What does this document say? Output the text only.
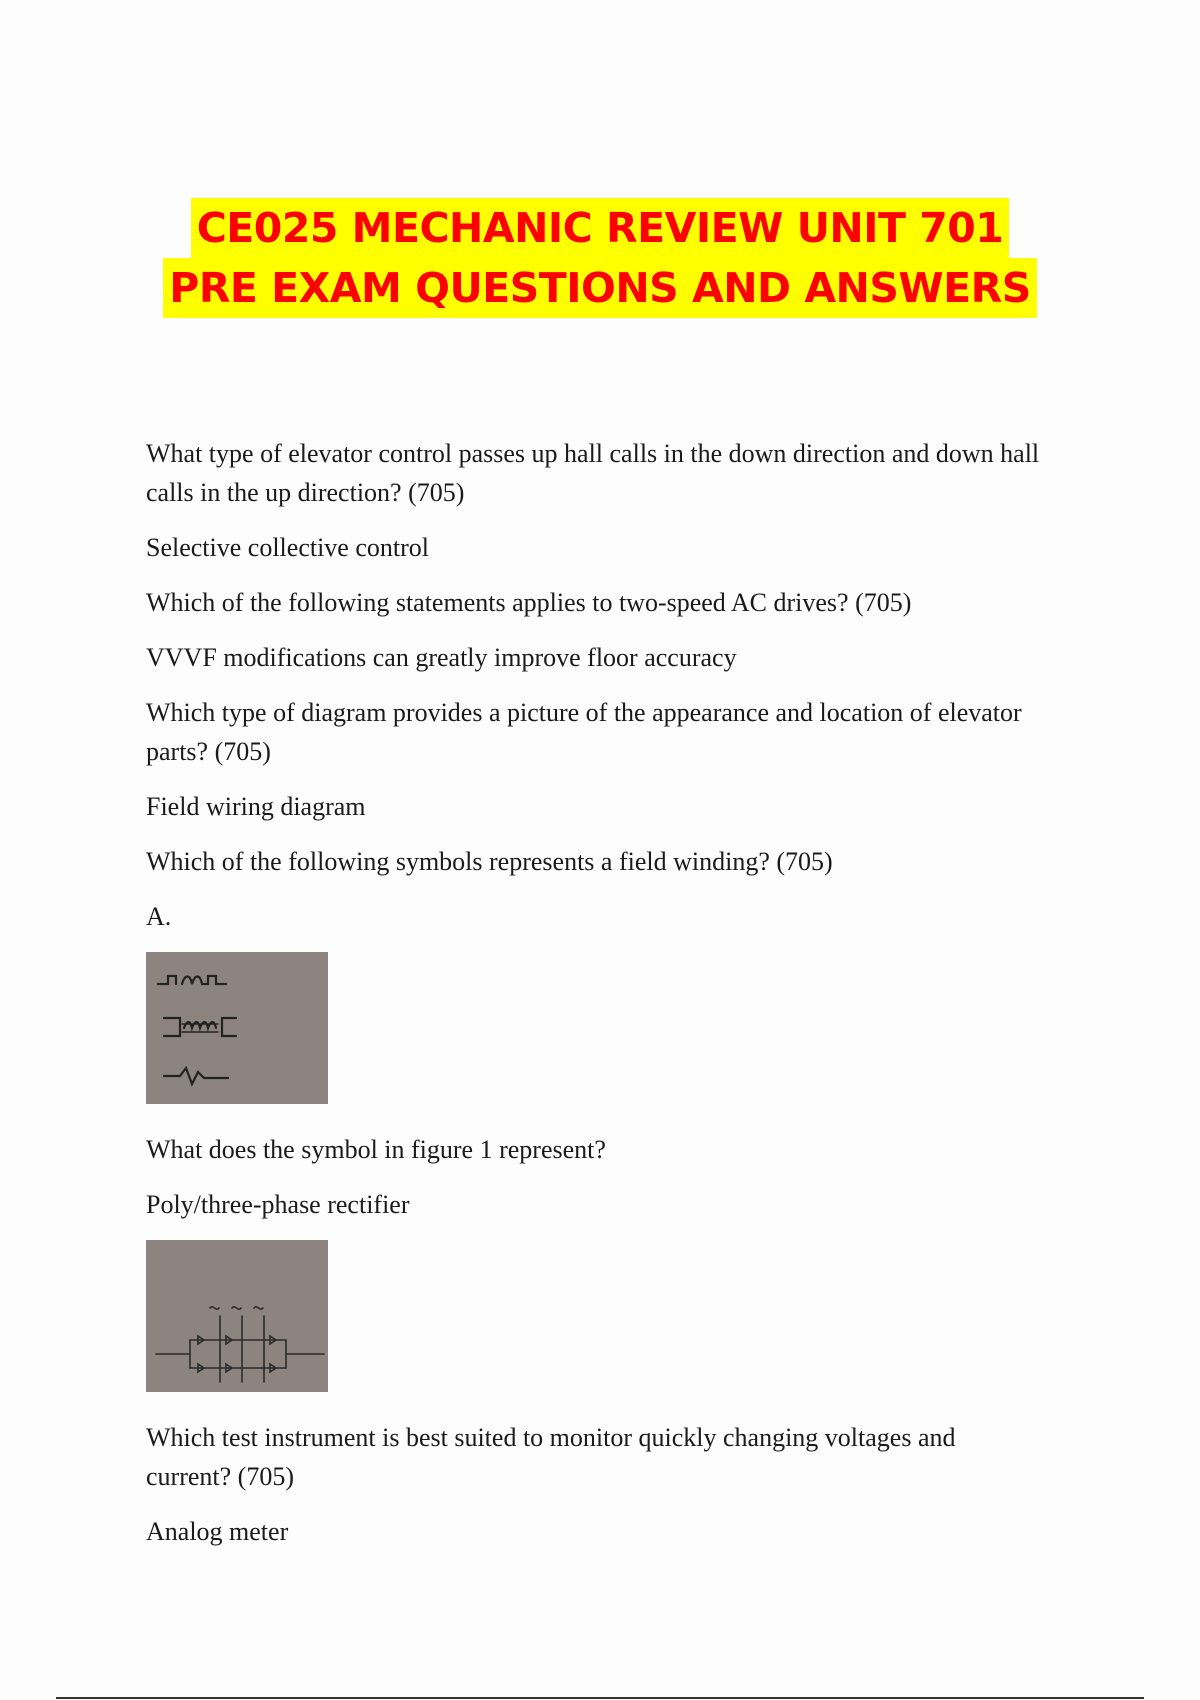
CE025 MECHANIC REVIEW UNIT 701
PRE EXAM QUESTIONS AND ANSWERS

What type of elevator control passes up hall calls in the down direction and down hall calls in the up direction? (705)

Selective collective control

Which of the following statements applies to two-speed AC drives? (705)

VVVF modifications can greatly improve floor accuracy

Which type of diagram provides a picture of the appearance and location of elevator parts? (705)

Field wiring diagram

Which of the following symbols represents a field winding? (705)

A.

What does the symbol in figure 1 represent?

Poly/three-phase rectifier

Which test instrument is best suited to monitor quickly changing voltages and current? (705)

Analog meter
